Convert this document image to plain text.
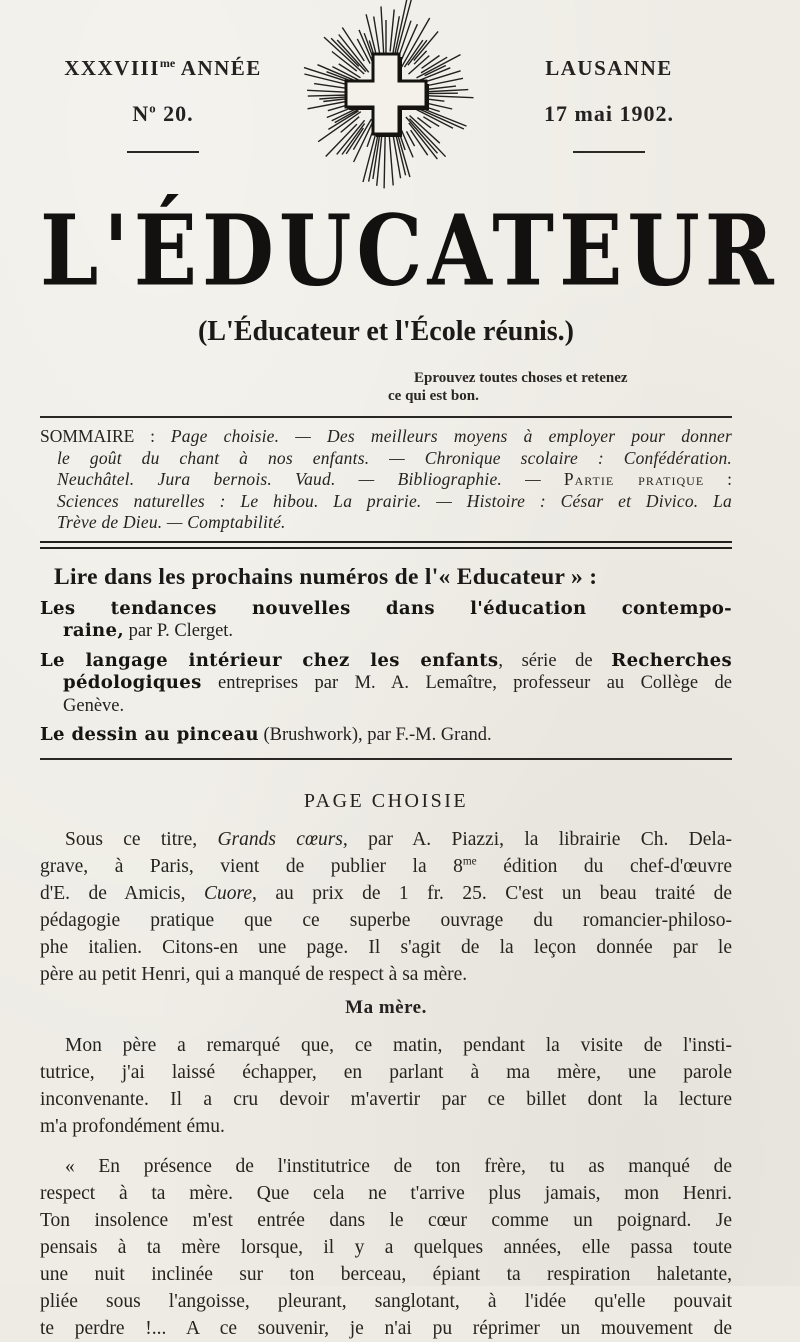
$XXXVIII^{me}$ ANNÉE
$N^o$ 20.
LAUSANNE
17 mai 1902.
L'ÉDUCATEUR
(L'Éducateur et l'École réunis.)
Eprouvez toutes choses et retenez
ce qui est bon.
SOMMAIRE : Page choisie. — Des meilleurs moyens à employer pour donner
le goût du chant à nos enfants. — Chronique scolaire : Confédération.
Neuchâtel. Jura bernois. Vaud. — Bibliographie. — Partie pratique :
Sciences naturelles : Le hibou. La prairie. — Histoire : César et Divico. La
Trève de Dieu. — Comptabilité.
Lire dans les prochains numéros de l'« Educateur » :
Les tendances nouvelles dans l'éducation contempo-
raine, par P. Clerget.
Le langage intérieur chez les enfants, série de Recherches
pédologiques entreprises par M. A. Lemaître, professeur au Collège de
Genève.
Le dessin au pinceau (Brushwork), par F.-M. Grand.
PAGE CHOISIE
Sous ce titre, Grands cœurs, par A. Piazzi, la librairie Ch. Dela-
grave, à Paris, vient de publier la $8^{me}$ édition du chef-d'œuvre
d'E. de Amicis, Cuore, au prix de 1 fr. 25. C'est un beau traité de
pédagogie pratique que ce superbe ouvrage du romancier-philoso-
phe italien. Citons-en une page. Il s'agit de la leçon donnée par le
père au petit Henri, qui a manqué de respect à sa mère.
Ma mère.
Mon père a remarqué que, ce matin, pendant la visite de l'insti-
tutrice, j'ai laissé échapper, en parlant à ma mère, une parole
inconvenante. Il a cru devoir m'avertir par ce billet dont la lecture
m'a profondément ému.
« En présence de l'institutrice de ton frère, tu as manqué de
respect à ta mère. Que cela ne t'arrive plus jamais, mon Henri.
Ton insolence m'est entrée dans le cœur comme un poignard. Je
pensais à ta mère lorsque, il y a quelques années, elle passa toute
une nuit inclinée sur ton berceau, épiant ta respiration haletante,
pliée sous l'angoisse, pleurant, sanglotant, à l'idée qu'elle pouvait
te perdre !... A ce souvenir, je n'ai pu réprimer un mouvement de
